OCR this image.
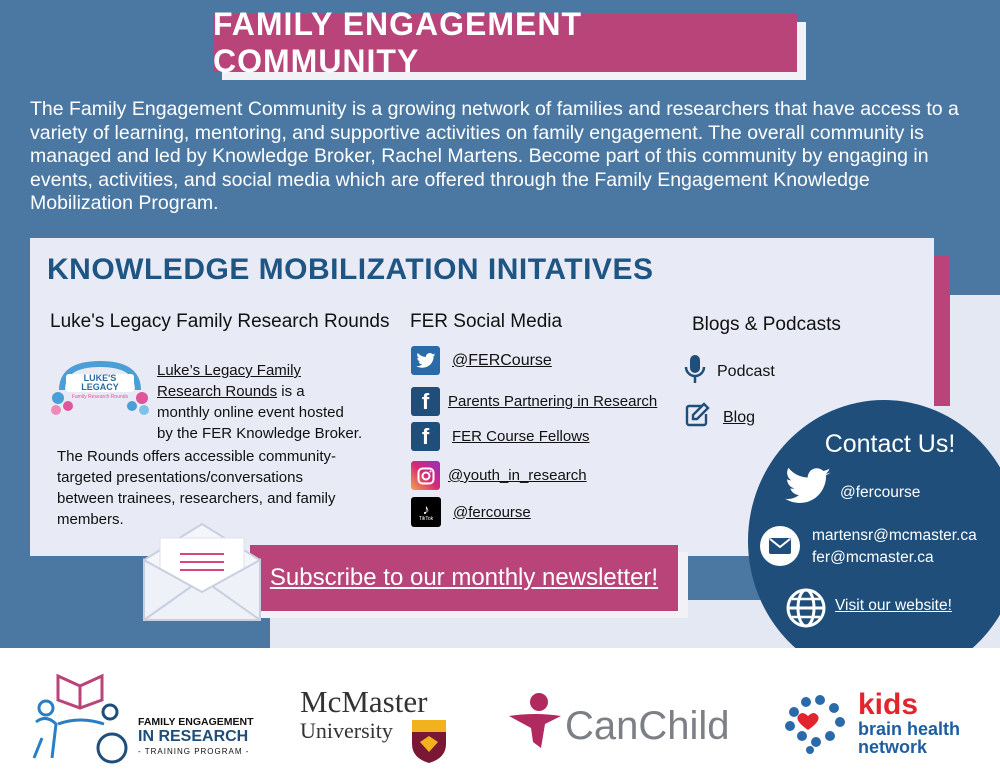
FAMILY ENGAGEMENT COMMUNITY
The Family Engagement Community is a growing network of families and researchers that have access to a variety of learning, mentoring, and supportive activities on family engagement. The overall community is managed and led by Knowledge Broker, Rachel Martens. Become part of this community by engaging in events, activities, and social media which are offered through the Family Engagement Knowledge Mobilization Program.
KNOWLEDGE MOBILIZATION INITATIVES
Luke's Legacy Family Research Rounds
LUKE'S LEGACY
Family Research Rounds
Luke’s Legacy Family
Research Rounds is a
monthly online event hosted
by the FER Knowledge Broker.
The Rounds offers accessible community-targeted presentations/conversations between trainees, researchers, and family members.
FER Social Media
@FERCourse
f	Parents Partnering in Research
f	FER Course Fellows
@youth_in_research
♪
TikTok @fercourse
Blogs & Podcasts
Podcast
Blog
Subscribe to our monthly newsletter!
Contact Us!
@fercourse
martensr@mcmaster.ca
fer@mcmaster.ca
Visit our website!
FAMILY ENGAGEMENT
IN RESEARCH
- TRAINING PROGRAM -
McMaster
University	CanChild	kids
brain health
network
